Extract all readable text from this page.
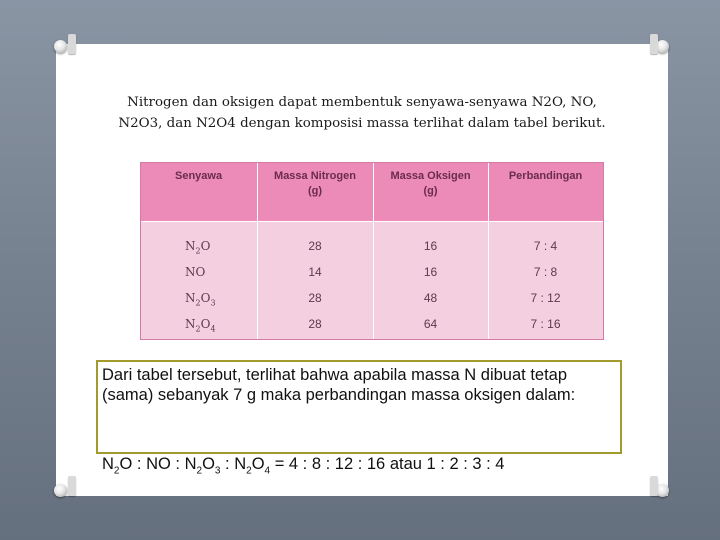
Nitrogen dan oksigen dapat membentuk senyawa-senyawa N2O, NO,
N2O3, dan N2O4 dengan komposisi massa terlihat dalam tabel berikut.
Senyawa	Massa Nitrogen
(g)
Massa Oksigen
(g)
Perbandingan
$N_2O$
NO
$N_2O_3$
$N_2O_4$
28
14
28
28
16
16
48
64
7 : 4
7 : 8
7 : 12
7 : 16
Dari tabel tersebut, terlihat bahwa apabila massa N dibuat tetap (sama) sebanyak 7 g maka perbandingan massa oksigen dalam:
$N_2O$ : NO : $N_2O_3$ : $N_2O_4 = 4$ : 8 : 12 : 16 atau 1 : 2 : 3 : 4
